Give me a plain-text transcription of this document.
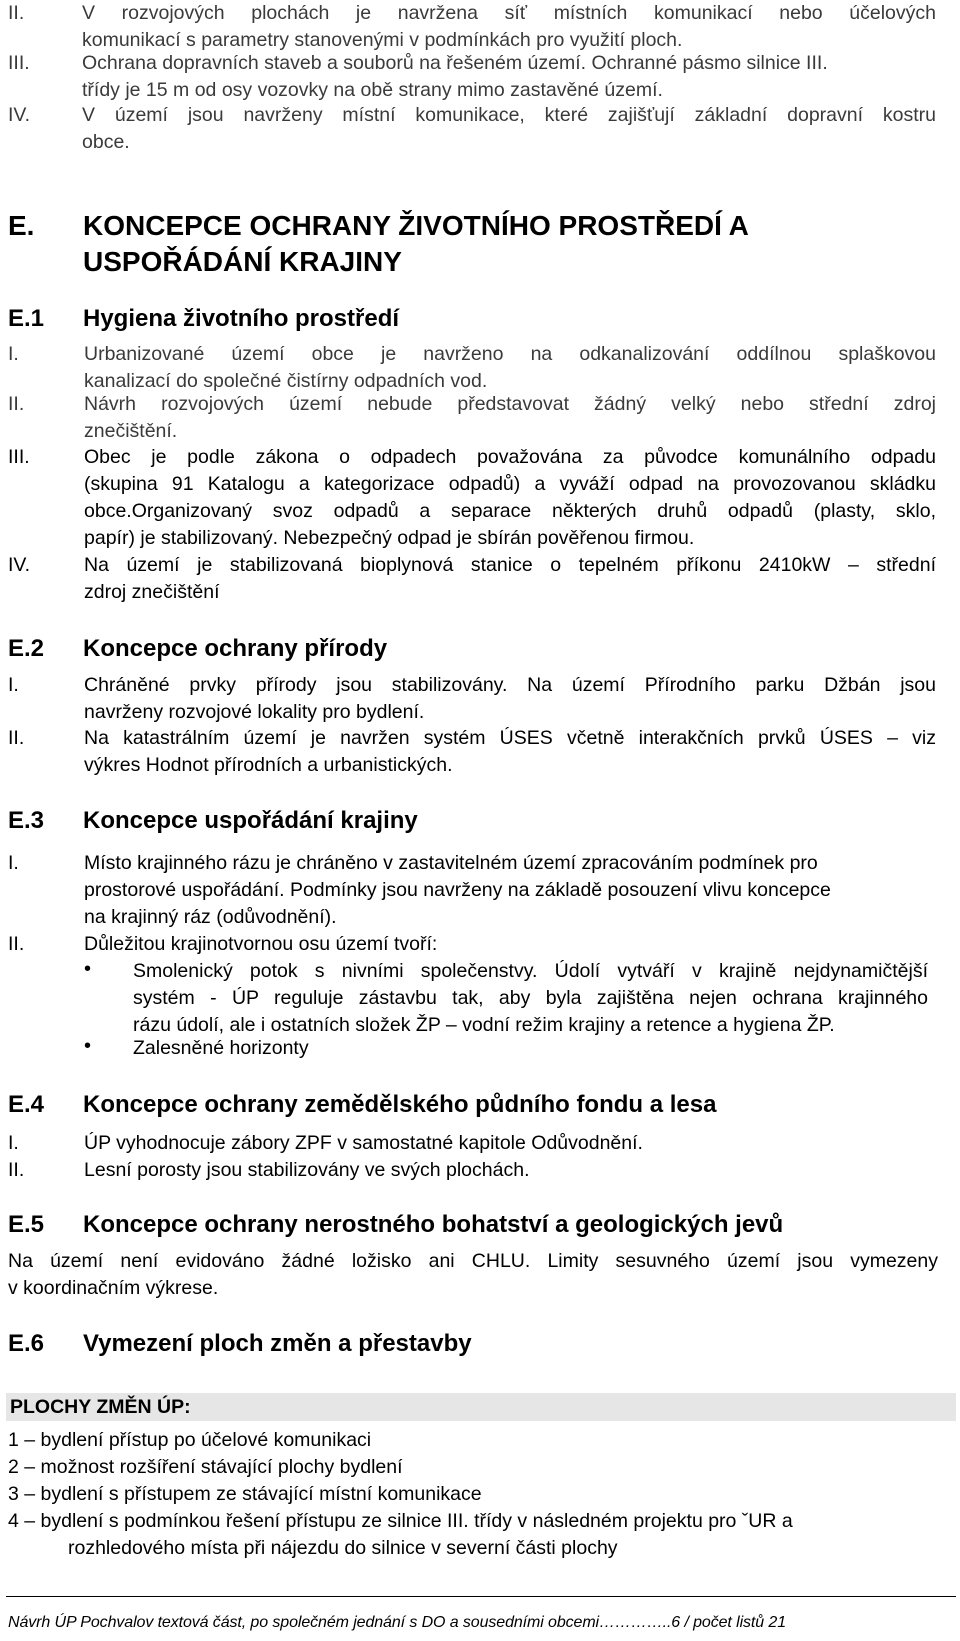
II.	V rozvojových plochách je navržena síť místních komunikací nebo účelových
komunikací s parametry stanovenými v podmínkách pro využití ploch.
III.	Ochrana dopravních staveb a souborů na řešeném území. Ochranné pásmo silnice III.
třídy je 15 m od osy vozovky na obě strany mimo zastavěné území.
IV.	V území jsou navrženy místní komunikace, které zajišťují základní dopravní kostru
obce.
E. KONCEPCE OCHRANY ŽIVOTNÍHO PROSTŘEDÍ A
USPOŘÁDÁNÍ KRAJINY
E.1 Hygiena životního prostředí
I.	Urbanizované území obce je navrženo na odkanalizování oddílnou splaškovou
kanalizací do společné čistírny odpadních vod.
II.	Návrh rozvojových území nebude představovat žádný velký nebo střední zdroj
znečištění.
III.	Obec je podle zákona o odpadech považována za původce komunálního odpadu
(skupina 91 Katalogu a kategorizace odpadů) a vyváží odpad na provozovanou skládku
obce.Organizovaný svoz odpadů a separace některých druhů odpadů (plasty, sklo,
papír) je stabilizovaný. Nebezpečný odpad je sbírán pověřenou firmou.
IV.	Na území je stabilizovaná bioplynová stanice o tepelném příkonu 2410kW – střední
zdroj znečištění
E.2 Koncepce ochrany přírody
I.	Chráněné prvky přírody jsou stabilizovány. Na území Přírodního parku Džbán jsou
navrženy rozvojové lokality pro bydlení.
II.	Na katastrálním území je navržen systém ÚSES včetně interakčních prvků ÚSES – viz
výkres Hodnot přírodních a urbanistických.
E.3 Koncepce uspořádání krajiny
I.	Místo krajinného rázu je chráněno v zastavitelném území zpracováním podmínek pro
prostorové uspořádání. Podmínky jsou navrženy na základě posouzení vlivu koncepce
na krajinný ráz (odůvodnění).
II.	Důležitou krajinotvornou osu území tvoří:
• Smolenický potok s nivními společenstvy. Údolí vytváří v krajině nejdynamičtější
systém - ÚP reguluje zástavbu tak, aby byla zajištěna nejen ochrana krajinného
rázu údolí, ale i ostatních složek ŽP – vodní režim krajiny a retence a hygiena ŽP.
• Zalesněné horizonty
E.4 Koncepce ochrany zemědělského půdního fondu a lesa
I.	ÚP vyhodnocuje zábory ZPF v samostatné kapitole Odůvodnění.
II.	Lesní porosty jsou stabilizovány ve svých plochách.
E.5 Koncepce ochrany nerostného bohatství a geologických jevů
Na území není evidováno žádné ložisko ani CHLU. Limity sesuvného území jsou vymezeny
v koordinačním výkrese.
E.6 Vymezení ploch změn a přestavby
PLOCHY ZMĚN ÚP:
1 – bydlení přístup po účelové komunikaci
2 – možnost rozšíření stávající plochy bydlení
3 – bydlení s přístupem ze stávající místní komunikace
4 – bydlení s podmínkou řešení přístupu ze silnice III. třídy v následném projektu pro ˇUR a
rozhledového místa při nájezdu do silnice v severní části plochy
Návrh ÚP Pochvalov textová část, po společném jednání s DO a sousedními obcemi…………..6 / počet listů 21
